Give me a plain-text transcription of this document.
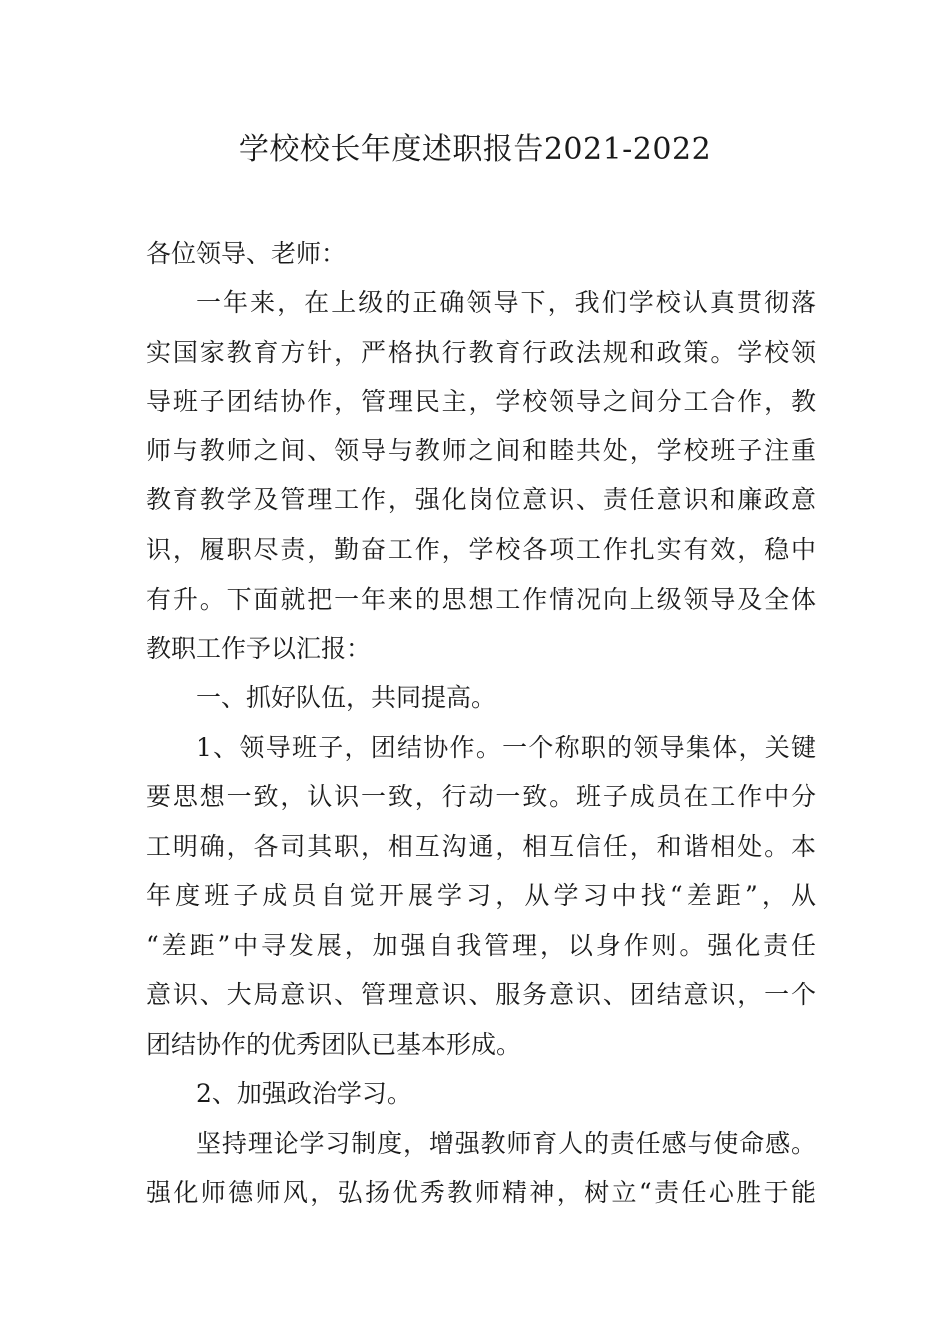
学校校长年度述职报告2021-2022
各位领导、老师：
一年来，在上级的正确领导下，我们学校认真贯彻落
实国家教育方针，严格执行教育行政法规和政策。学校领
导班子团结协作，管理民主，学校领导之间分工合作，教
师与教师之间、领导与教师之间和睦共处，学校班子注重
教育教学及管理工作，强化岗位意识、责任意识和廉政意
识，履职尽责，勤奋工作，学校各项工作扎实有效，稳中
有升。下面就把一年来的思想工作情况向上级领导及全体
教职工作予以汇报：
一、抓好队伍，共同提高。
1、领导班子，团结协作。一个称职的领导集体，关键
要思想一致，认识一致，行动一致。班子成员在工作中分
工明确，各司其职，相互沟通，相互信任，和谐相处。本
年度班子成员自觉开展学习，从学习中找“差距”，从
“差距”中寻发展，加强自我管理，以身作则。强化责任
意识、大局意识、管理意识、服务意识、团结意识，一个
团结协作的优秀团队已基本形成。
2、加强政治学习。
坚持理论学习制度，增强教师育人的责任感与使命感。
强化师德师风，弘扬优秀教师精神，树立“责任心胜于能
